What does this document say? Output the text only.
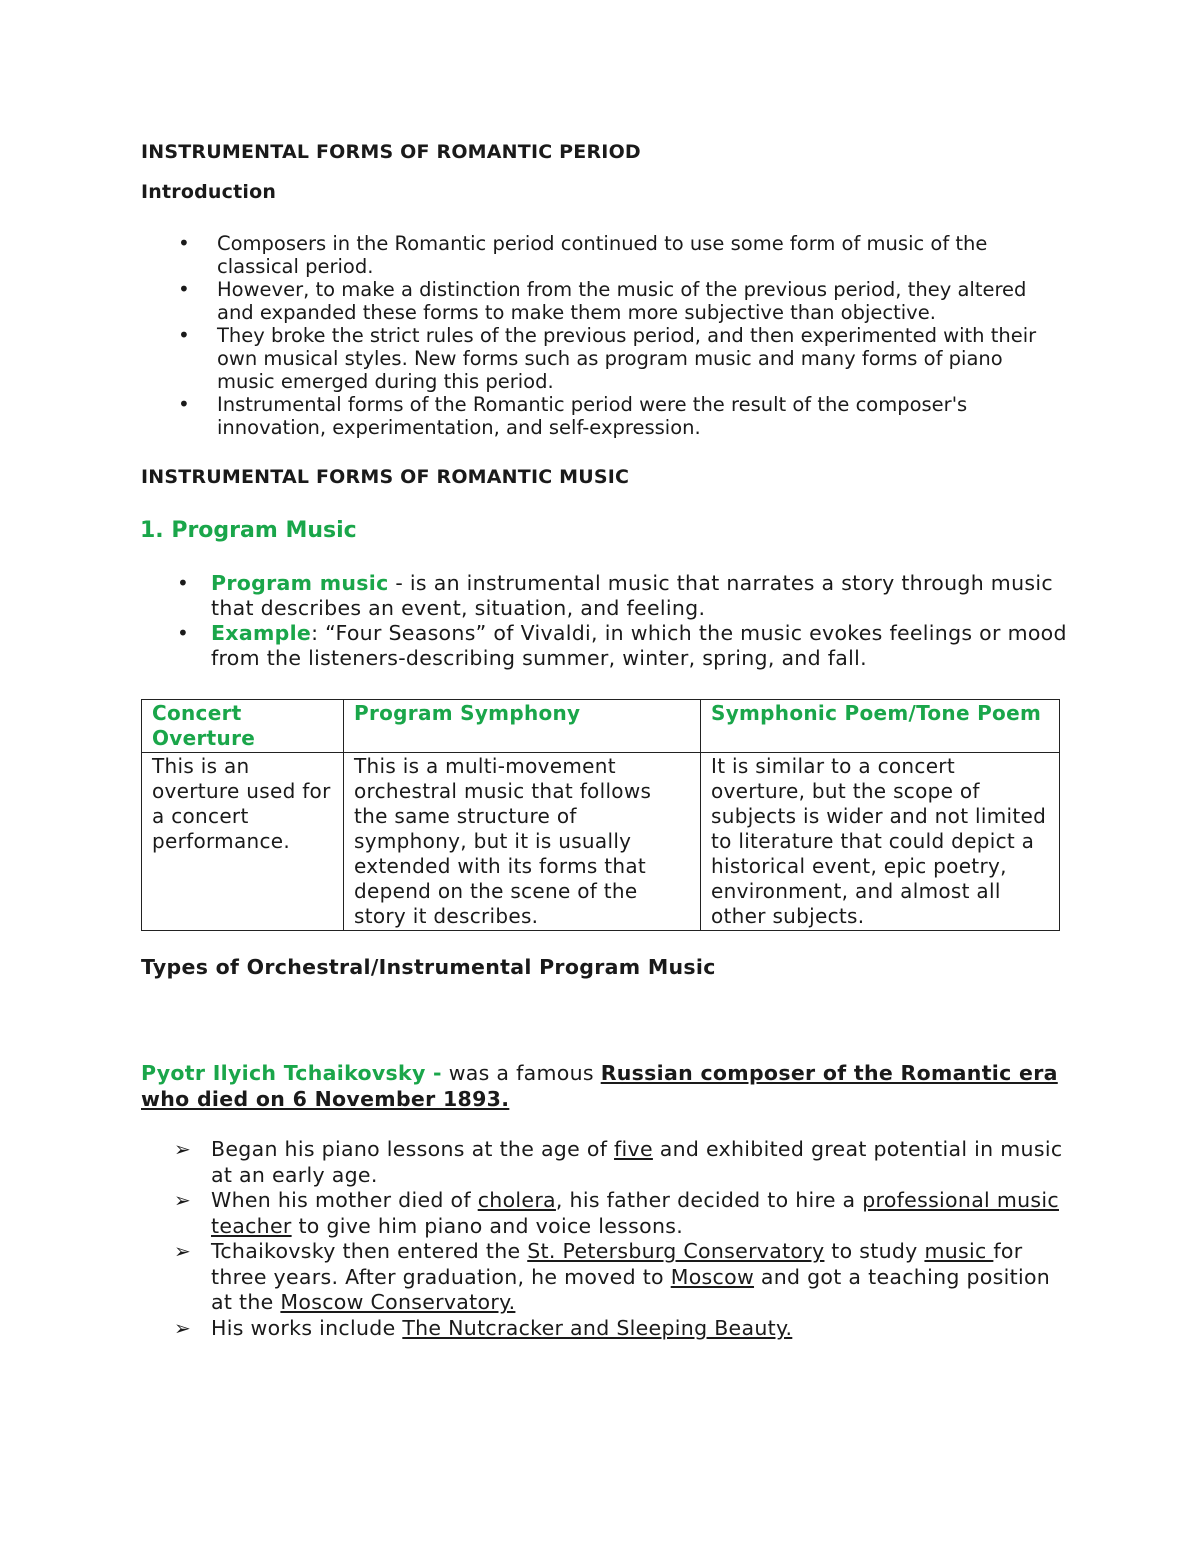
INSTRUMENTAL FORMS OF ROMANTIC PERIOD
Introduction
• Composers in the Romantic period continued to use some form of music of the classical period.
• However, to make a distinction from the music of the previous period, they altered and expanded these forms to make them more subjective than objective.
• They broke the strict rules of the previous period, and then experimented with their own musical styles. New forms such as program music and many forms of piano music emerged during this period.
• Instrumental forms of the Romantic period were the result of the composer's innovation, experimentation, and self-expression.
INSTRUMENTAL FORMS OF ROMANTIC MUSIC
1. Program Music
• Program music - is an instrumental music that narrates a story through music that describes an event, situation, and feeling.
• Example: “Four Seasons” of Vivaldi, in which the music evokes feelings or mood from the listeners-describing summer, winter, spring, and fall.
Concert Overture	Program Symphony	Symphonic Poem/Tone Poem
This is an overture used for a concert performance.	This is a multi-movement orchestral music that follows the same structure of symphony, but it is usually extended with its forms that depend on the scene of the story it describes.	It is similar to a concert overture, but the scope of subjects is wider and not limited to literature that could depict a historical event, epic poetry, environment, and almost all other subjects.
Types of Orchestral/Instrumental Program Music
Pyotr Ilyich Tchaikovsky - was a famous Russian composer of the Romantic era who died on 6 November 1893.
➢ Began his piano lessons at the age of five and exhibited great potential in music at an early age.
➢ When his mother died of cholera, his father decided to hire a professional music teacher to give him piano and voice lessons.
➢ Tchaikovsky then entered the St. Petersburg Conservatory to study music for three years. After graduation, he moved to Moscow and got a teaching position at the Moscow Conservatory.
➢ His works include The Nutcracker and Sleeping Beauty.
